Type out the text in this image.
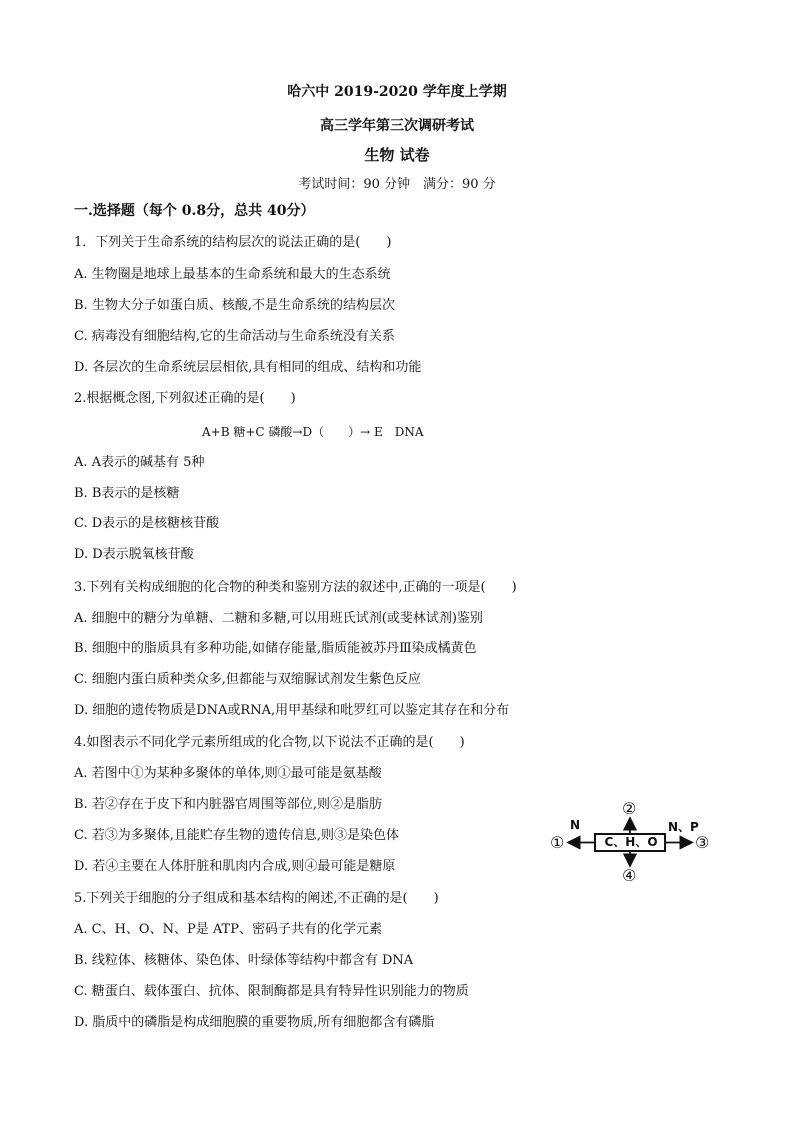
哈六中 2019-2020 学年度上学期
高三学年第三次调研考试
生物 试卷
考试时间：90 分钟　满分：90 分
一.选择题（每个 0.8分，总共 40分）
1．下列关于生命系统的结构层次的说法正确的是(　　)
A. 生物圈是地球上最基本的生命系统和最大的生态系统
B. 生物大分子如蛋白质、核酸,不是生命系统的结构层次
C. 病毒没有细胞结构,它的生命活动与生命系统没有关系
D. 各层次的生命系统层层相依,具有相同的组成、结构和功能
2.根据概念图,下列叙述正确的是(　　)
A+B 糖+C 磷酸→D（　　）→ E　DNA
A. A表示的碱基有 5种
B. B表示的是核糖
C. D表示的是核糖核苷酸
D. D表示脱氧核苷酸
3.下列有关构成细胞的化合物的种类和鉴别方法的叙述中,正确的一项是(　　)
A. 细胞中的糖分为单糖、二糖和多糖,可以用班氏试剂(或斐林试剂)鉴别
B. 细胞中的脂质具有多种功能,如储存能量,脂质能被苏丹Ⅲ染成橘黄色
C. 细胞内蛋白质种类众多,但都能与双缩脲试剂发生紫色反应
D. 细胞的遗传物质是DNA或RNA,用甲基绿和吡罗红可以鉴定其存在和分布
4.如图表示不同化学元素所组成的化合物,以下说法不正确的是(　　)
A. 若图中①为某种多聚体的单体,则①最可能是氨基酸
B. 若②存在于皮下和内脏器官周围等部位,则②是脂肪
C. 若③为多聚体,且能贮存生物的遗传信息,则③是染色体
D. 若④主要在人体肝脏和肌肉内合成,则④最可能是糖原
5.下列关于细胞的分子组成和基本结构的阐述,不正确的是(　　)
A. C、H、O、N、P是 ATP、密码子共有的化学元素
B. 线粒体、核糖体、染色体、叶绿体等结构中都含有 DNA
C. 糖蛋白、载体蛋白、抗体、限制酶都是具有特异性识别能力的物质
D. 脂质中的磷脂是构成细胞膜的重要物质,所有细胞都含有磷脂
C、H、O
N	N、P
①
②
③
④
